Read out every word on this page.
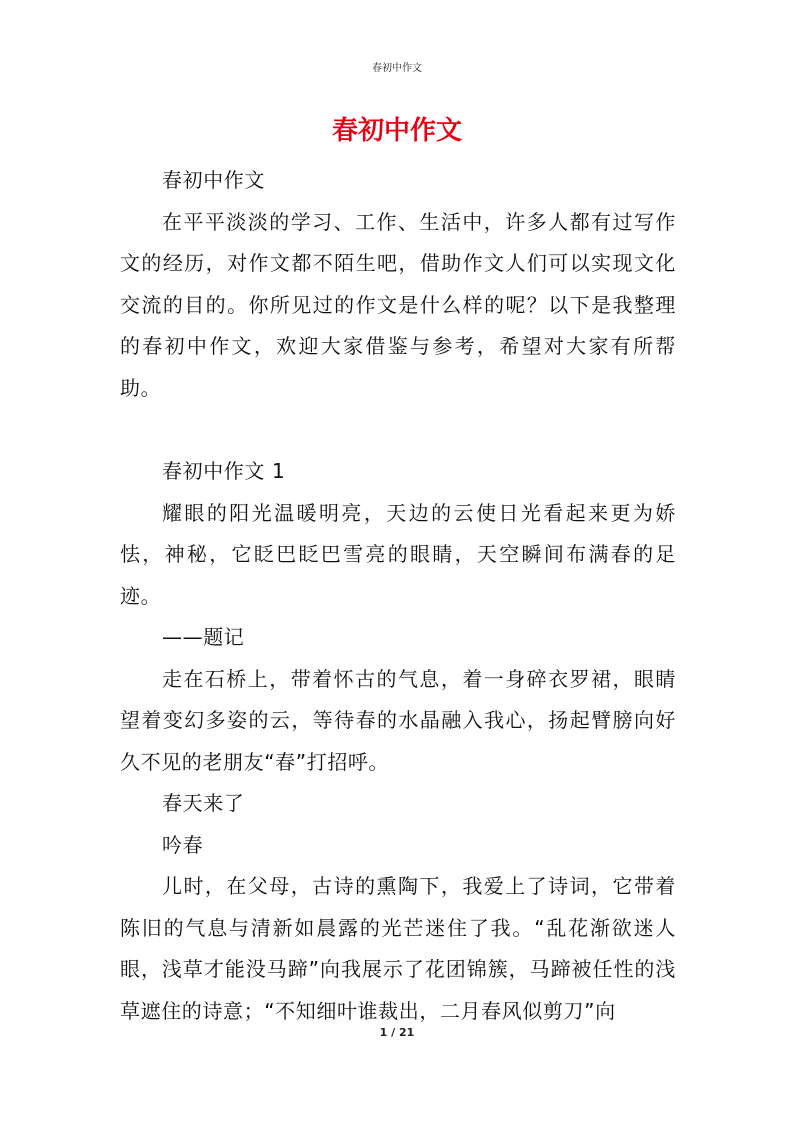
春初中作文
春初中作文

春初中作文

在平平淡淡的学习、工作、生活中，许多人都有过写作文的经历，对作文都不陌生吧，借助作文人们可以实现文化交流的目的。你所见过的作文是什么样的呢？以下是我整理的春初中作文，欢迎大家借鉴与参考，希望对大家有所帮助。

春初中作文 1

耀眼的阳光温暖明亮，天边的云使日光看起来更为娇怯，神秘，它眨巴眨巴雪亮的眼睛，天空瞬间布满春的足迹。

——题记

走在石桥上，带着怀古的气息，着一身碎衣罗裙，眼睛望着变幻多姿的云，等待春的水晶融入我心，扬起臂膀向好久不见的老朋友“春”打招呼。

春天来了

吟春

儿时，在父母，古诗的熏陶下，我爱上了诗词，它带着陈旧的气息与清新如晨露的光芒迷住了我。“乱花渐欲迷人眼，浅草才能没马蹄”向我展示了花团锦簇，马蹄被任性的浅草遮住的诗意；“不知细叶谁裁出，二月春风似剪刀”向

1 / 21
